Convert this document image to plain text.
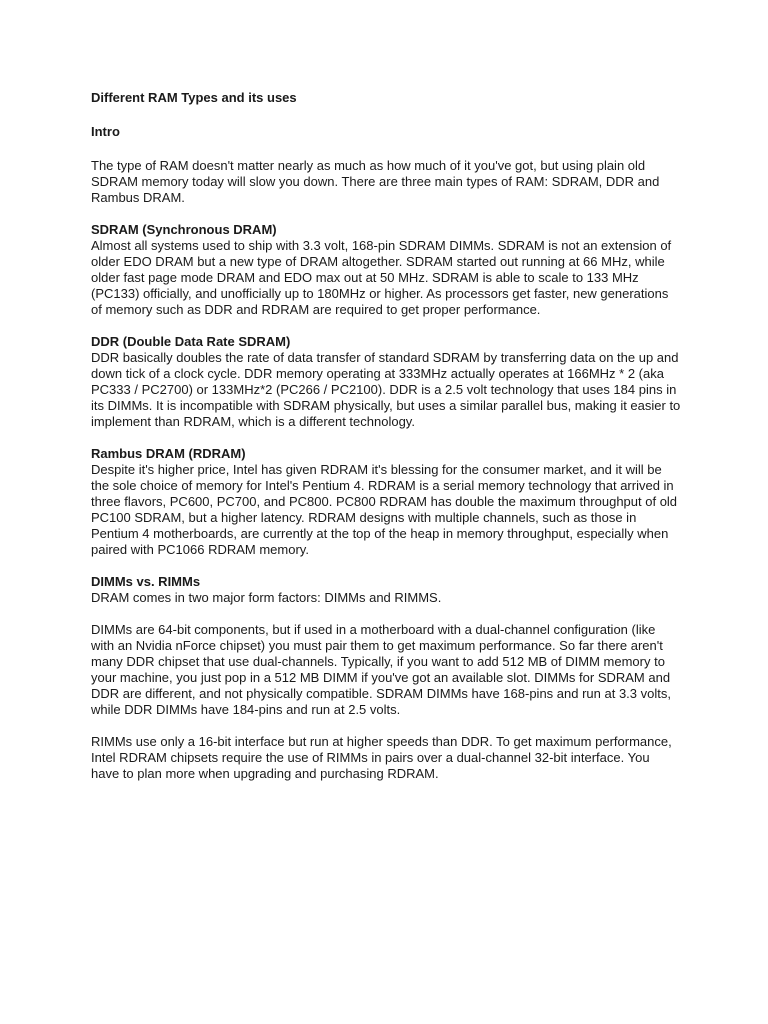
Different RAM Types and its uses

Intro

The type of RAM doesn't matter nearly as much as how much of it you've got, but using plain old SDRAM memory today will slow you down. There are three main types of RAM: SDRAM, DDR and Rambus DRAM.

SDRAM (Synchronous DRAM)

Almost all systems used to ship with 3.3 volt, 168-pin SDRAM DIMMs. SDRAM is not an extension of older EDO DRAM but a new type of DRAM altogether. SDRAM started out running at 66 MHz, while older fast page mode DRAM and EDO max out at 50 MHz. SDRAM is able to scale to 133 MHz (PC133) officially, and unofficially up to 180MHz or higher. As processors get faster, new generations of memory such as DDR and RDRAM are required to get proper performance.

DDR (Double Data Rate SDRAM)

DDR basically doubles the rate of data transfer of standard SDRAM by transferring data on the up and down tick of a clock cycle. DDR memory operating at 333MHz actually operates at 166MHz * 2 (aka PC333 / PC2700) or 133MHz*2 (PC266 / PC2100). DDR is a 2.5 volt technology that uses 184 pins in its DIMMs. It is incompatible with SDRAM physically, but uses a similar parallel bus, making it easier to implement than RDRAM, which is a different technology.

Rambus DRAM (RDRAM)

Despite it's higher price, Intel has given RDRAM it's blessing for the consumer market, and it will be the sole choice of memory for Intel's Pentium 4. RDRAM is a serial memory technology that arrived in three flavors, PC600, PC700, and PC800. PC800 RDRAM has double the maximum throughput of old PC100 SDRAM, but a higher latency. RDRAM designs with multiple channels, such as those in Pentium 4 motherboards, are currently at the top of the heap in memory throughput, especially when paired with PC1066 RDRAM memory.

DIMMs vs. RIMMs

DRAM comes in two major form factors: DIMMs and RIMMS.

DIMMs are 64-bit components, but if used in a motherboard with a dual-channel configuration (like with an Nvidia nForce chipset) you must pair them to get maximum performance. So far there aren't many DDR chipset that use dual-channels. Typically, if you want to add 512 MB of DIMM memory to your machine, you just pop in a 512 MB DIMM if you've got an available slot. DIMMs for SDRAM and DDR are different, and not physically compatible. SDRAM DIMMs have 168-pins and run at 3.3 volts, while DDR DIMMs have 184-pins and run at 2.5 volts.

RIMMs use only a 16-bit interface but run at higher speeds than DDR. To get maximum performance, Intel RDRAM chipsets require the use of RIMMs in pairs over a dual-channel 32-bit interface. You have to plan more when upgrading and purchasing RDRAM.
